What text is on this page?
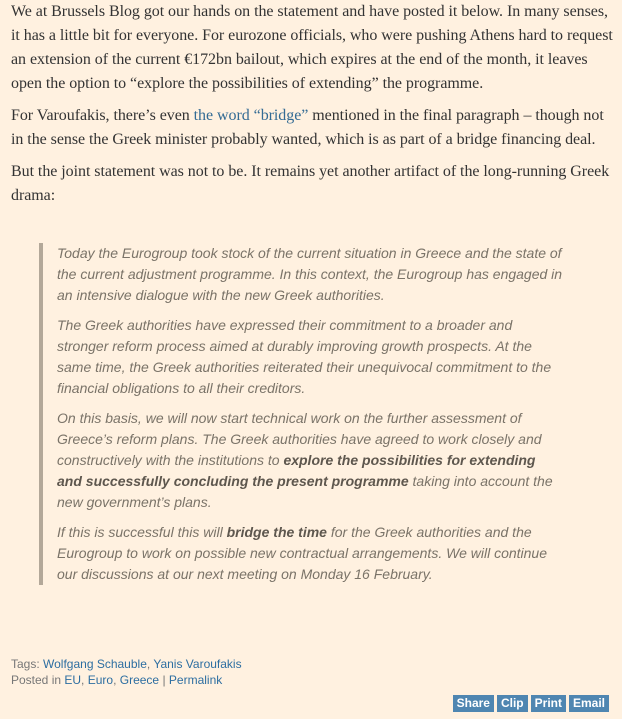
We at Brussels Blog got our hands on the statement and have posted it below. In many senses, it has a little bit for everyone. For eurozone officials, who were pushing Athens hard to request an extension of the current €172bn bailout, which expires at the end of the month, it leaves open the option to “explore the possibilities of extending” the programme.

For Varoufakis, there’s even the word “bridge” mentioned in the final paragraph – though not in the sense the Greek minister probably wanted, which is as part of a bridge financing deal.

But the joint statement was not to be. It remains yet another artifact of the long-running Greek drama:

Today the Eurogroup took stock of the current situation in Greece and the state of the current adjustment programme. In this context, the Eurogroup has engaged in an intensive dialogue with the new Greek authorities.

The Greek authorities have expressed their commitment to a broader and stronger reform process aimed at durably improving growth prospects. At the same time, the Greek authorities reiterated their unequivocal commitment to the financial obligations to all their creditors.

On this basis, we will now start technical work on the further assessment of Greece’s reform plans. The Greek authorities have agreed to work closely and constructively with the institutions to explore the possibilities for extending and successfully concluding the present programme taking into account the new government’s plans.

If this is successful this will bridge the time for the Greek authorities and the Eurogroup to work on possible new contractual arrangements. We will continue our discussions at our next meeting on Monday 16 February.

Tags: Wolfgang Schauble, Yanis Varoufakis
Posted in EU, Euro, Greece | Permalink
Share Clip Print Email
